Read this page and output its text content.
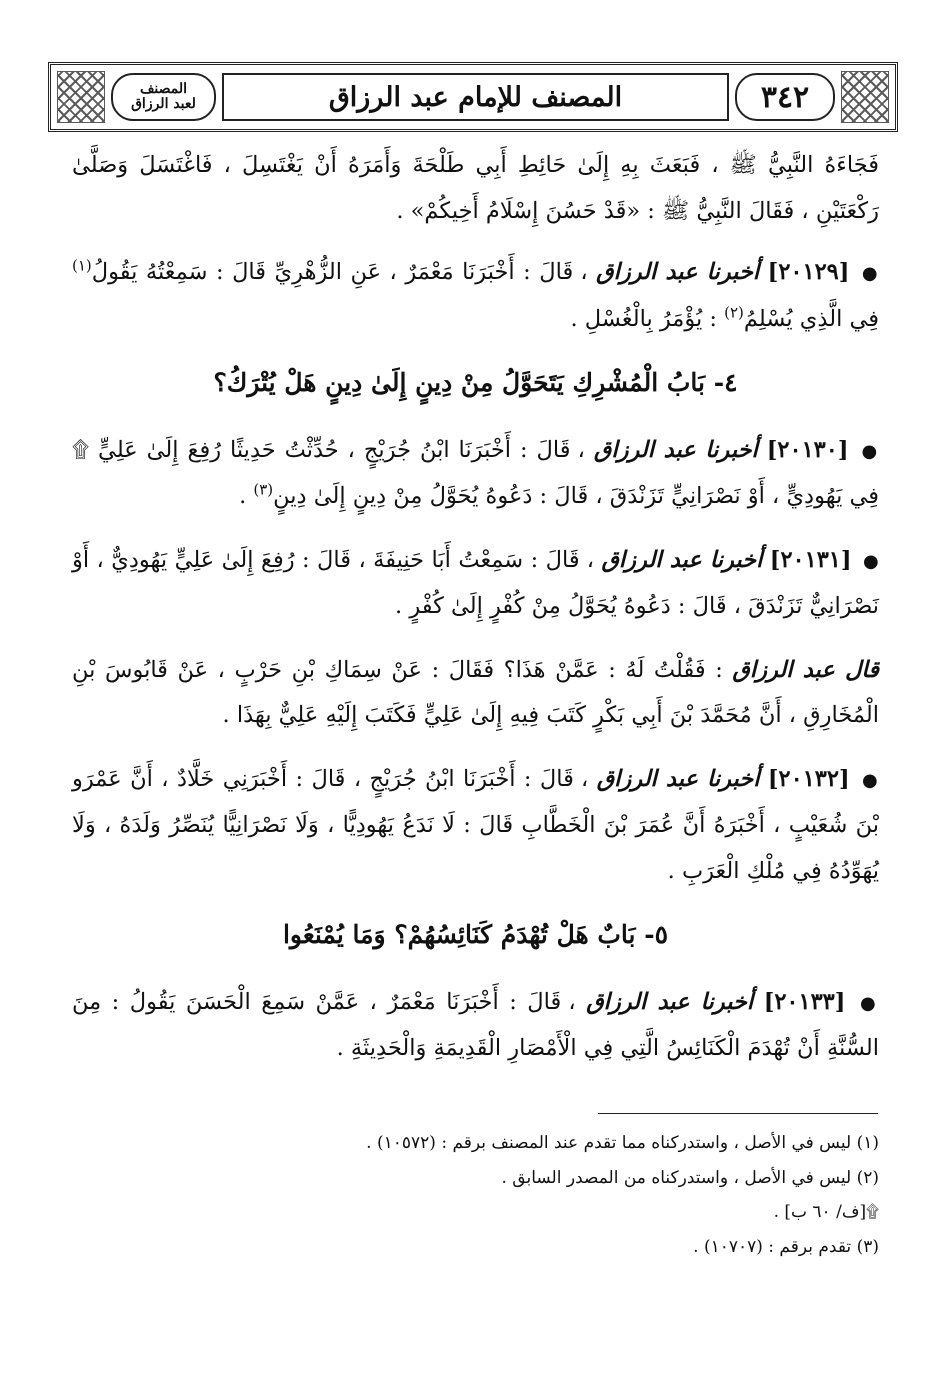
المصنف
لعبد الرزاق	المصنف للإمام عبد الرزاق	٣٤٢

فَجَاءَهُ النَّبِيُّ ﷺ ، فَبَعَثَ بِهِ إِلَىٰ حَائِطِ أَبِي طَلْحَةَ وَأَمَرَهُ أَنْ يَغْتَسِلَ ، فَاغْتَسَلَ وَصَلَّىٰ رَكْعَتَيْنِ ، فَقَالَ النَّبِيُّ ﷺ : «قَدْ حَسُنَ إِسْلَامُ أَخِيكُمْ» .

● [٢٠١٢٩] أخبرنا عبد الرزاق ، قَالَ : أَخْبَرَنَا مَعْمَرٌ ، عَنِ الزُّهْرِيِّ قَالَ : سَمِعْتُهُ يَقُولُ$^{(١)}$ فِي الَّذِي يُسْلِمُ$^{(٢)}$ : يُؤْمَرُ بِالْغُسْلِ .

٤- بَابُ الْمُشْرِكِ يَتَحَوَّلُ مِنْ دِينٍ إِلَىٰ دِينٍ هَلْ يُتْرَكُ؟

● [٢٠١٣٠] أخبرنا عبد الرزاق ، قَالَ : أَخْبَرَنَا ابْنُ جُرَيْجٍ ، حُدِّثْتُ حَدِيثًا رُفِعَ إِلَىٰ عَلِيٍّ ۩ فِي يَهُودِيٍّ ، أَوْ نَصْرَانِيٍّ تَزَنْدَقَ ، قَالَ : دَعُوهُ يُحَوَّلُ مِنْ دِينٍ إِلَىٰ دِينٍ$^{(٣)}$ .

● [٢٠١٣١] أخبرنا عبد الرزاق ، قَالَ : سَمِعْتُ أَبَا حَنِيفَةَ ، قَالَ : رُفِعَ إِلَىٰ عَلِيٍّ يَهُودِيٌّ ، أَوْ نَصْرَانِيٌّ تَزَنْدَقَ ، قَالَ : دَعُوهُ يُحَوَّلُ مِنْ كُفْرٍ إِلَىٰ كُفْرٍ .

قال عبد الرزاق : فَقُلْتُ لَهُ : عَمَّنْ هَذَا؟ فَقَالَ : عَنْ سِمَاكِ بْنِ حَرْبٍ ، عَنْ قَابُوسَ بْنِ الْمُخَارِقِ ، أَنَّ مُحَمَّدَ بْنَ أَبِي بَكْرٍ كَتَبَ فِيهِ إِلَىٰ عَلِيٍّ فَكَتَبَ إِلَيْهِ عَلِيٌّ بِهَذَا .

● [٢٠١٣٢] أخبرنا عبد الرزاق ، قَالَ : أَخْبَرَنَا ابْنُ جُرَيْجٍ ، قَالَ : أَخْبَرَنِي خَلَّادٌ ، أَنَّ عَمْرَو بْنَ شُعَيْبٍ ، أَخْبَرَهُ أَنَّ عُمَرَ بْنَ الْخَطَّابِ قَالَ : لَا نَدَعُ يَهُودِيًّا ، وَلَا نَصْرَانِيًّا يُنَصِّرُ وَلَدَهُ ، وَلَا يُهَوِّدُهُ فِي مُلْكِ الْعَرَبِ .

٥- بَابٌ هَلْ تُهْدَمُ كَنَائِسُهُمْ؟ وَمَا يُمْنَعُوا

● [٢٠١٣٣] أخبرنا عبد الرزاق ، قَالَ : أَخْبَرَنَا مَعْمَرٌ ، عَمَّنْ سَمِعَ الْحَسَنَ يَقُولُ : مِنَ السُّنَّةِ أَنْ تُهْدَمَ الْكَنَائِسُ الَّتِي فِي الْأَمْصَارِ الْقَدِيمَةِ وَالْحَدِيثَةِ .

(١) ليس في الأصل ، واستدركناه مما تقدم عند المصنف برقم : (١٠٥٧٢) .

(٢) ليس في الأصل ، واستدركناه من المصدر السابق .

۩[ف/ ٦٠ ب] .

(٣) تقدم برقم : (١٠٧٠٧) .
